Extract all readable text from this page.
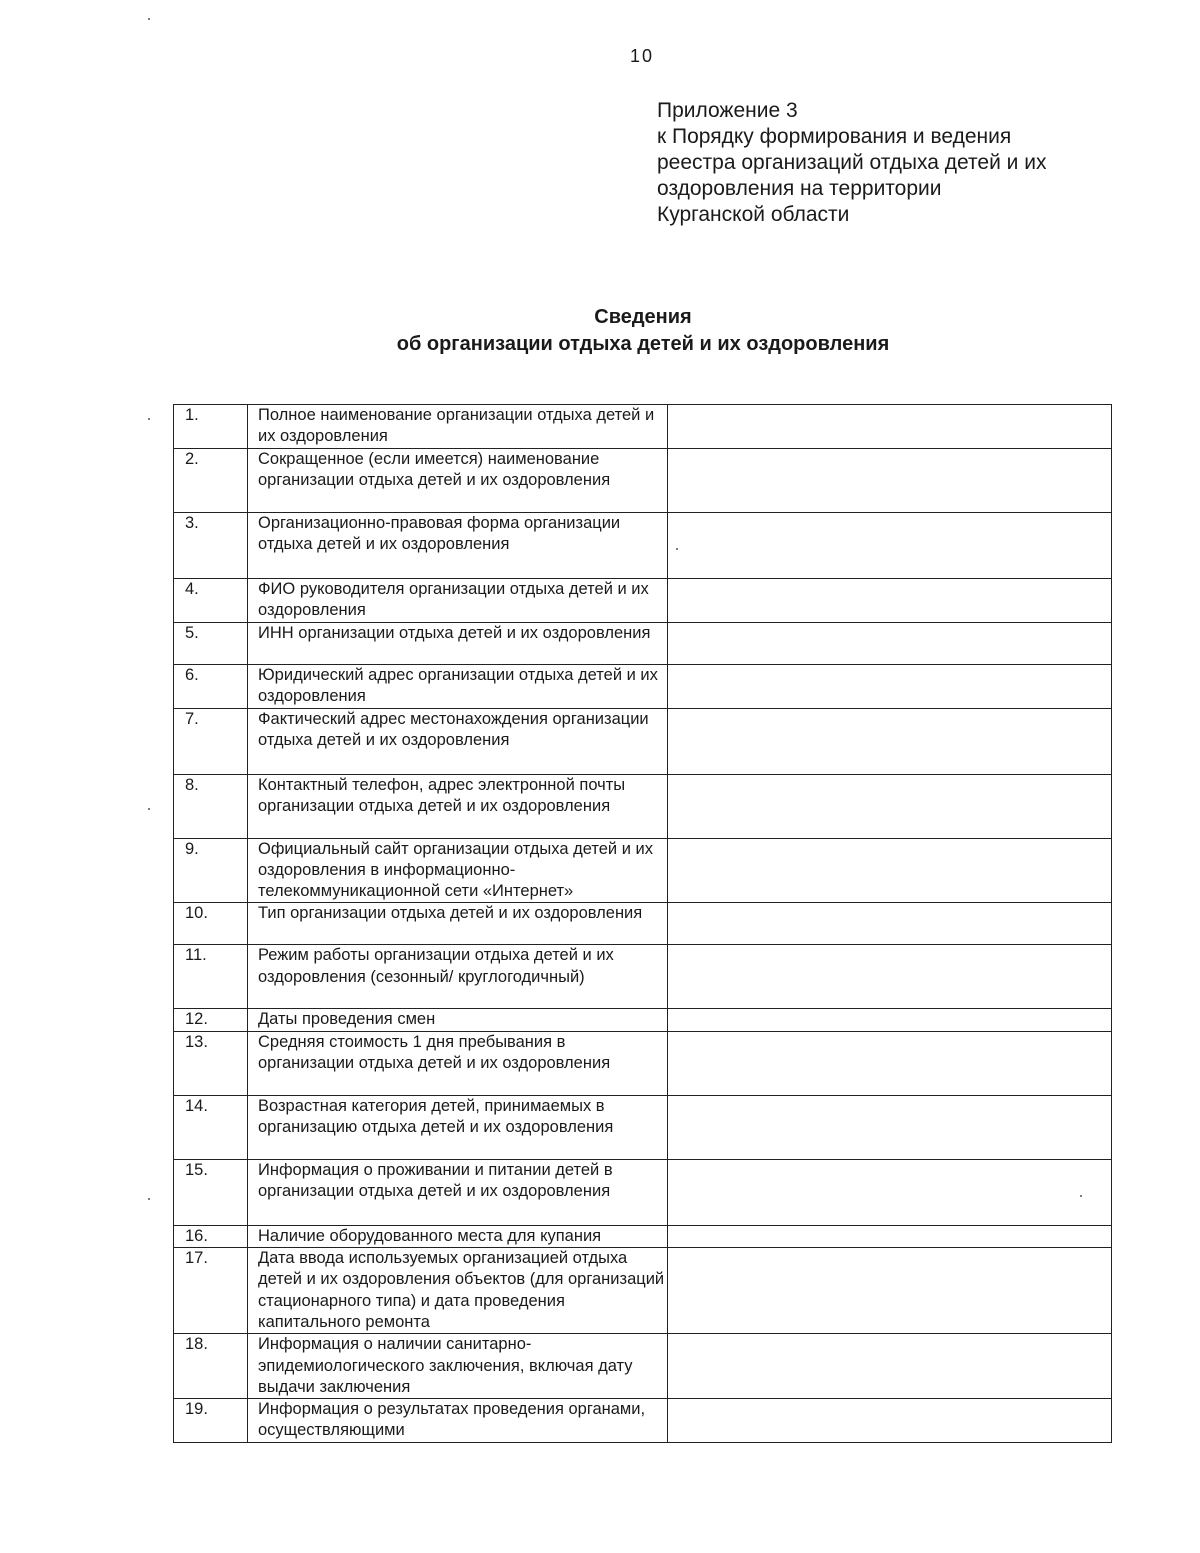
10
Приложение 3
к Порядку формирования и ведения
реестра организаций отдыха детей и их
оздоровления на территории
Курганской области
Сведения
об организации отдыха детей и их оздоровления
1.	Полное наименование организации отдыха детей и их оздоровления	
2.	Сокращенное (если имеется) наименование организации отдыха детей и их оздоровления	
3.	Организационно-правовая форма организации отдыха детей и их оздоровления	
4.	ФИО руководителя организации отдыха детей и их оздоровления	
5.	ИНН организации отдыха детей и их оздоровления	
6.	Юридический адрес организации отдыха детей и их оздоровления	
7.	Фактический адрес местонахождения организации отдыха детей и их оздоровления	
8.	Контактный телефон, адрес электронной почты организации отдыха детей и их оздоровления	
9.	Официальный сайт организации отдыха детей и их оздоровления в информационно-телекоммуникационной сети «Интернет»	
10.	Тип организации отдыха детей и их оздоровления	
11.	Режим работы организации отдыха детей и их оздоровления (сезонный/ круглогодичный)	
12.	Даты проведения смен	
13.	Средняя стоимость 1 дня пребывания в организации отдыха детей и их оздоровления	
14.	Возрастная категория детей, принимаемых в организацию отдыха детей и их оздоровления	
15.	Информация о проживании и питании детей в организации отдыха детей и их оздоровления	
16.	Наличие оборудованного места для купания	
17.	Дата ввода используемых организацией отдыха детей и их оздоровления объектов (для организаций стационарного типа) и дата проведения капитального ремонта	
18.	Информация о наличии санитарно-эпидемиологического заключения, включая дату выдачи заключения	
19.	Информация о результатах проведения органами, осуществляющими	
